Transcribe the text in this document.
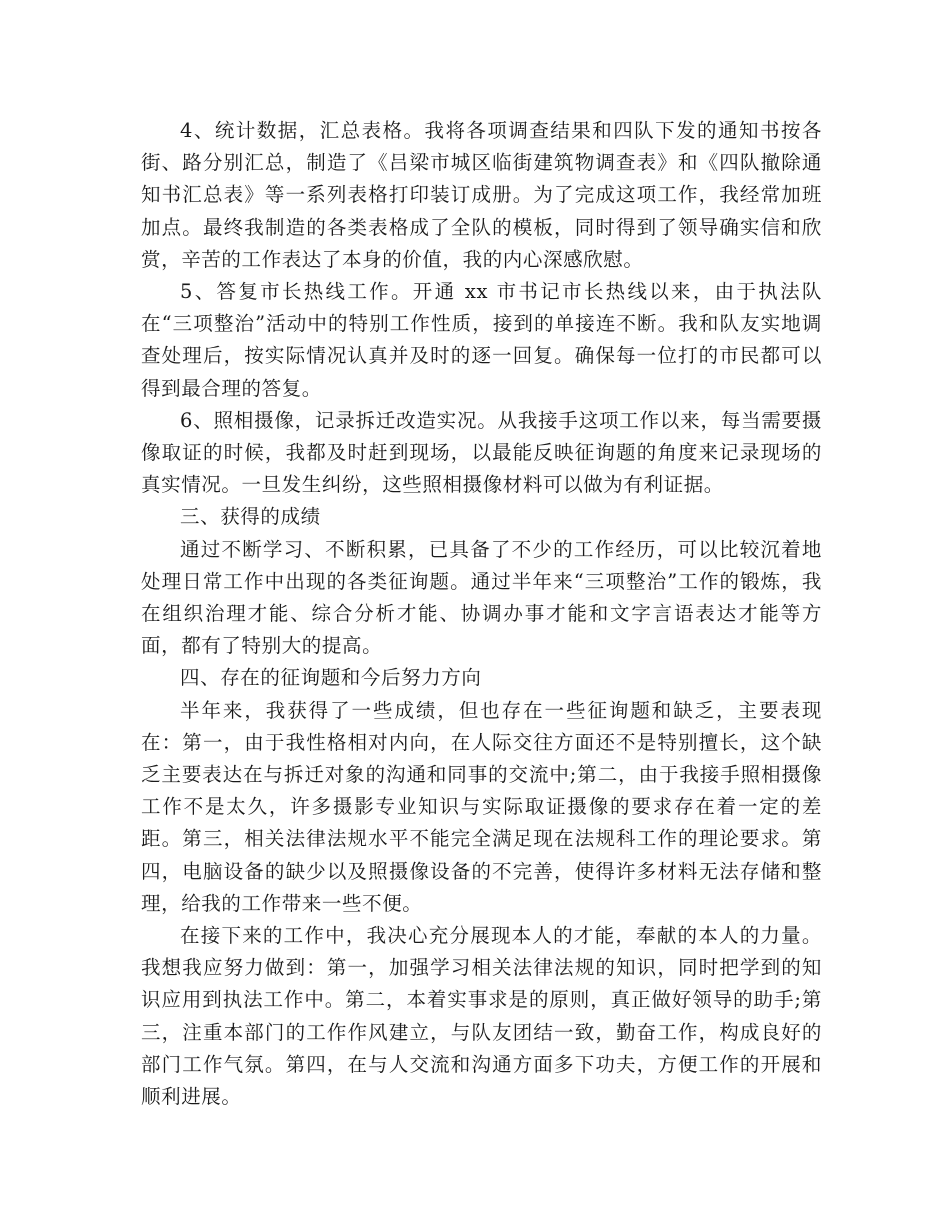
4、统计数据，汇总表格。我将各项调查结果和四队下发的通知书按各街、路分别汇总，制造了《吕梁市城区临街建筑物调查表》和《四队撤除通知书汇总表》等一系列表格打印装订成册。为了完成这项工作，我经常加班加点。最终我制造的各类表格成了全队的模板，同时得到了领导确实信和欣赏，辛苦的工作表达了本身的价值，我的内心深感欣慰。

5、答复市长热线工作。开通 xx 市书记市长热线以来，由于执法队在“三项整治”活动中的特别工作性质，接到的单接连不断。我和队友实地调查处理后，按实际情况认真并及时的逐一回复。确保每一位打的市民都可以得到最合理的答复。

6、照相摄像，记录拆迁改造实况。从我接手这项工作以来，每当需要摄像取证的时候，我都及时赶到现场，以最能反映征询题的角度来记录现场的真实情况。一旦发生纠纷，这些照相摄像材料可以做为有利证据。

三、获得的成绩

通过不断学习、不断积累，已具备了不少的工作经历，可以比较沉着地处理日常工作中出现的各类征询题。通过半年来“三项整治”工作的锻炼，我在组织治理才能、综合分析才能、协调办事才能和文字言语表达才能等方面，都有了特别大的提高。

四、存在的征询题和今后努力方向

半年来，我获得了一些成绩，但也存在一些征询题和缺乏，主要表现在：第一，由于我性格相对内向，在人际交往方面还不是特别擅长，这个缺乏主要表达在与拆迁对象的沟通和同事的交流中;第二，由于我接手照相摄像工作不是太久，许多摄影专业知识与实际取证摄像的要求存在着一定的差距。第三，相关法律法规水平不能完全满足现在法规科工作的理论要求。第四，电脑设备的缺少以及照摄像设备的不完善，使得许多材料无法存储和整理，给我的工作带来一些不便。

在接下来的工作中，我决心充分展现本人的才能，奉献的本人的力量。我想我应努力做到：第一，加强学习相关法律法规的知识，同时把学到的知识应用到执法工作中。第二，本着实事求是的原则，真正做好领导的助手;第三，注重本部门的工作作风建立，与队友团结一致，勤奋工作，构成良好的部门工作气氛。第四，在与人交流和沟通方面多下功夫，方便工作的开展和顺利进展。
